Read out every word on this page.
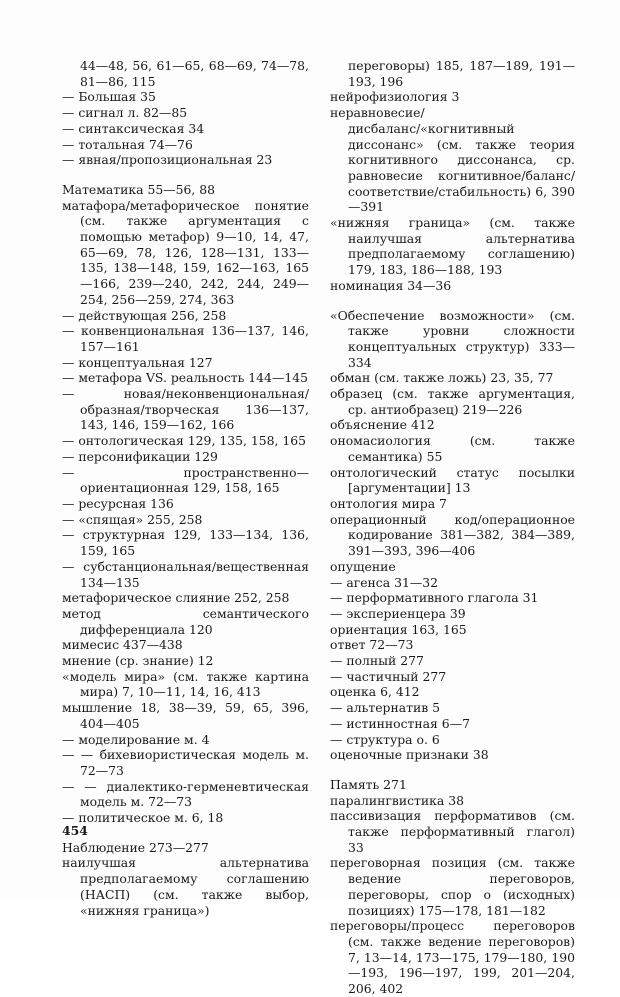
44—48, 56, 61—65, 68—69, 74—78, 81—86, 115
— Большая 35
— сигнал л. 82—85
— синтаксическая 34
— тотальная 74—76
— явная/пропозициональная 23
Математика 55—56, 88
матафора/метафорическое понятие (см. также аргументация с помощью метафор) 9—10, 14, 47, 65—69, 78, 126, 128—131, 133—135, 138—148, 159, 162—163, 165—166, 239—240, 242, 244, 249—254, 256—259, 274, 363
— действующая 256, 258
— конвенциональная 136—137, 146, 157—161
— концептуальная 127
— метафора VS. реальность 144—145
— новая/неконвенциональная/образная/творческая 136—137, 143, 146, 159—162, 166
— онтологическая 129, 135, 158, 165
— персонификации 129
— пространственно—ориентационная 129, 158, 165
— ресурсная 136
— «спящая» 255, 258
— структурная 129, 133—134, 136, 159, 165
— субстанциональная/вещественная 134—135
метафорическое слияние 252, 258
метод семантического дифференциала 120
мимесис 437—438
мнение (ср. знание) 12
«модель мира» (см. также картина мира) 7, 10—11, 14, 16, 413
мышление 18, 38—39, 59, 65, 396, 404—405
— моделирование м. 4
— — бихевиористическая модель м. 72—73
— — диалектико-герменевтическая модель м. 72—73
— политическое м. 6, 18
Наблюдение 273—277
наилучшая альтернатива предполагаемому соглашению (НАСП) (см. также выбор, «нижняя граница»)
переговоры) 185, 187—189, 191—193, 196
нейрофизиология 3
неравновесие/дисбаланс/«когнитивный диссонанс» (см. также теория когнитивного диссонанса, ср. равновесие когнитивное/баланс/соответствие/стабильность) 6, 390—391
«нижняя граница» (см. также наилучшая альтернатива предполагаемому соглашению) 179, 183, 186—188, 193
номинация 34—36
«Обеспечение возможности» (см. также уровни сложности концептуальных структур) 333—334
обман (см. также ложь) 23, 35, 77
образец (см. также аргументация, ср. антиобразец) 219—226
объяснение 412
ономасиология (см. также семантика) 55
онтологический статус посылки [аргументации] 13
онтология мира 7
операционный код/операционное кодирование 381—382, 384—389, 391—393, 396—406
опущение
— агенса 31—32
— перформативного глагола 31
— экспериенцера 39
ориентация 163, 165
ответ 72—73
— полный 277
— частичный 277
оценка 6, 412
— альтернатив 5
— истинностная 6—7
— структура о. 6
оценочные признаки 38
Память 271
паралингвистика 38
пассивизация перформативов (см. также перформативный глагол) 33
переговорная позиция (см. также ведение переговоров, переговоры, спор о (исходных) позициях) 175—178, 181—182
переговоры/процесс переговоров (см. также ведение переговоров) 7, 13—14, 173—175, 179—180, 190—193, 196—197, 199, 201—204, 206, 402
454
